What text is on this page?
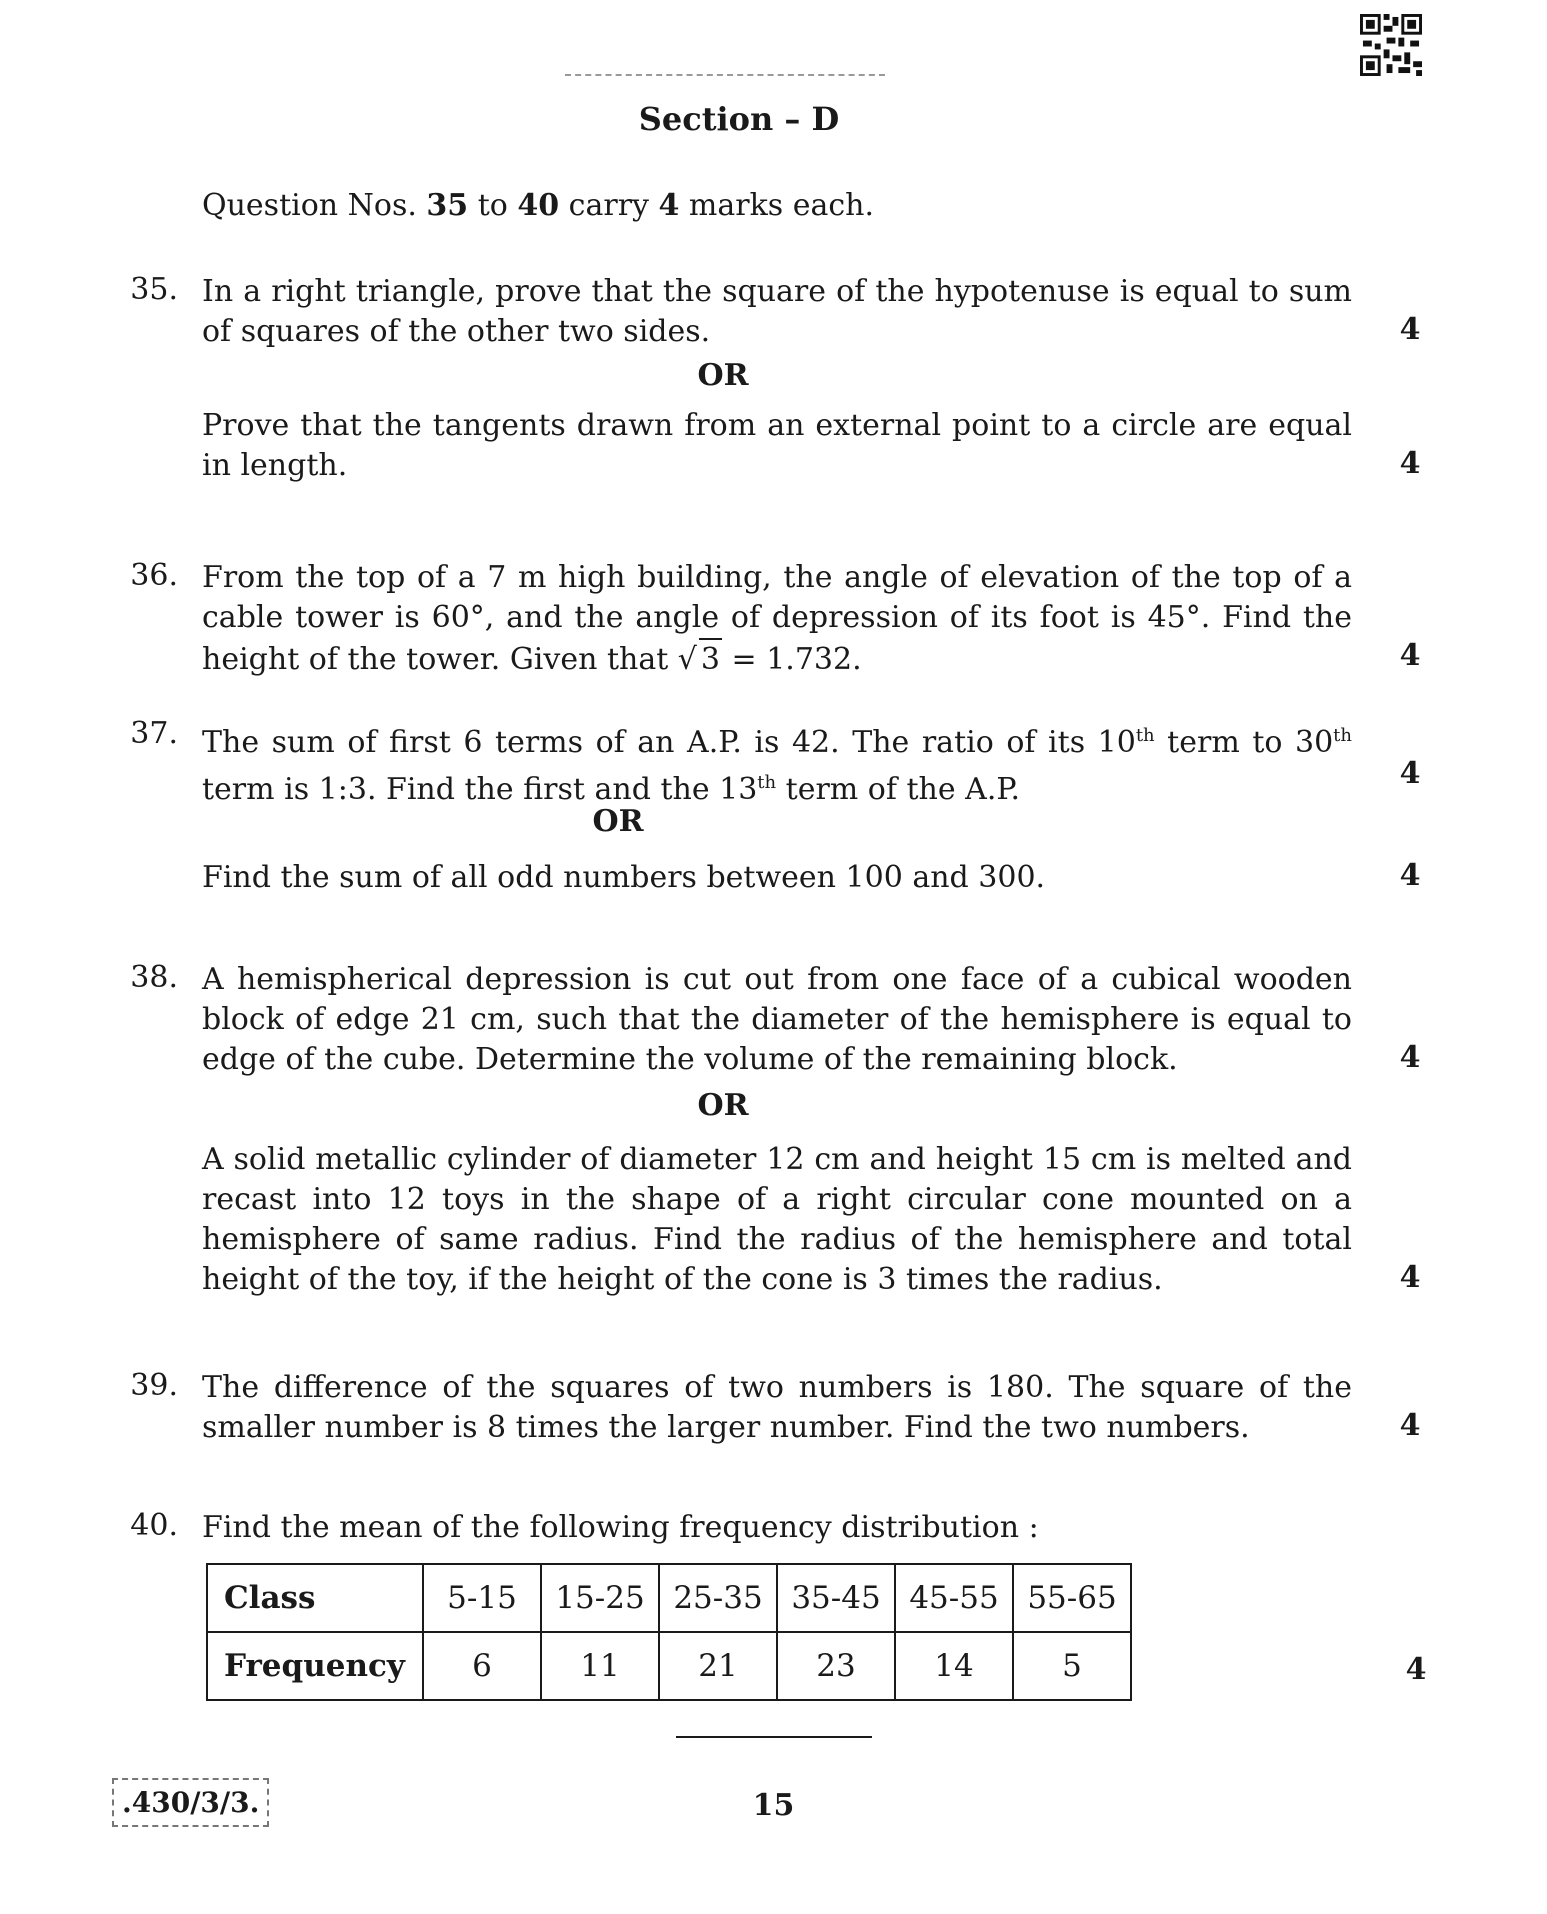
Section – D
Question Nos. 35 to 40 carry 4 marks each.
35. In a right triangle, prove that the square of the hypotenuse is equal to sum
of squares of the other two sides.	4
OR
Prove that the tangents drawn from an external point to a circle are equal
in length.	4
36. From the top of a 7 m high building, the angle of elevation of the top of a
cable tower is 60°, and the angle of depression of its foot is 45°. Find the
height of the tower. Given that √ 3 = 1.732.	4
37. The sum of first 6 terms of an A.P. is 42. The ratio of its 10th term to 30th
term is 1:3. Find the first and the 13th term of the A.P.	4
OR
Find the sum of all odd numbers between 100 and 300.	4
38. A hemispherical depression is cut out from one face of a cubical wooden
block of edge 21 cm, such that the diameter of the hemisphere is equal to
edge of the cube. Determine the volume of the remaining block.	4
OR
A solid metallic cylinder of diameter 12 cm and height 15 cm is melted and
recast into 12 toys in the shape of a right circular cone mounted on a
hemisphere of same radius. Find the radius of the hemisphere and total
height of the toy, if the height of the cone is 3 times the radius.	4
39. The difference of the squares of two numbers is 180. The square of the
smaller number is 8 times the larger number. Find the two numbers.	4
40. Find the mean of the following frequency distribution :
Class	5-15	15-25	25-35	35-45	45-55	55-65
Frequency	6	11	21	23	14	5	4
.430/3/3.	15
